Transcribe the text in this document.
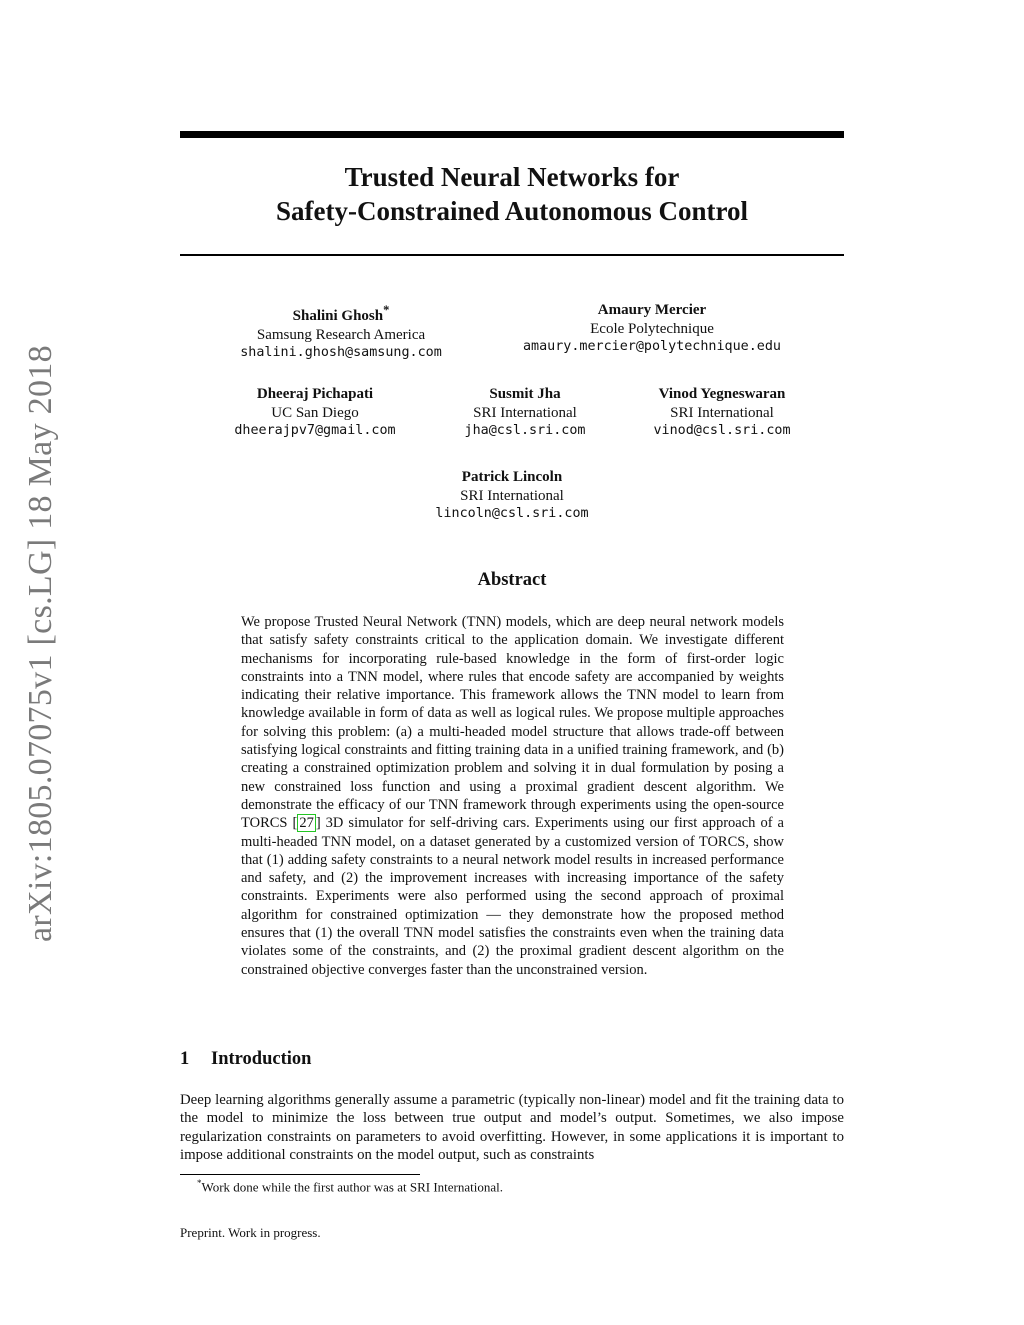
arXiv:1805.07075v1 [cs.LG] 18 May 2018
Trusted Neural Networks for
Safety-Constrained Autonomous Control
Shalini Ghosh*
Samsung Research America
shalini.ghosh@samsung.com
Amaury Mercier
Ecole Polytechnique
amaury.mercier@polytechnique.edu
Dheeraj Pichapati
UC San Diego
dheerajpv7@gmail.com
Susmit Jha
SRI International
jha@csl.sri.com
Vinod Yegneswaran
SRI International
vinod@csl.sri.com
Patrick Lincoln
SRI International
lincoln@csl.sri.com
Abstract

We propose Trusted Neural Network (TNN) models, which are deep neural network models that satisfy safety constraints critical to the application domain. We investigate different mechanisms for incorporating rule-based knowledge in the form of first-order logic constraints into a TNN model, where rules that encode safety are accompanied by weights indicating their relative importance. This framework allows the TNN model to learn from knowledge available in form of data as well as logical rules. We propose multiple approaches for solving this problem: (a) a multi-headed model structure that allows trade-off between satisfying logical constraints and fitting training data in a unified training framework, and (b) creating a constrained optimization problem and solving it in dual formulation by posing a new constrained loss function and using a proximal gradient descent algorithm. We demonstrate the efficacy of our TNN framework through experiments using the open-source TORCS [ 27 ] 3D simulator for self-driving cars. Experiments using our first approach of a multi-headed TNN model, on a dataset generated by a customized version of TORCS, show that (1) adding safety constraints to a neural network model results in increased performance and safety, and (2) the improvement increases with increasing importance of the safety constraints. Experiments were also performed using the second approach of proximal algorithm for constrained optimization — they demonstrate how the proposed method ensures that (1) the overall TNN model satisfies the constraints even when the training data violates some of the constraints, and (2) the proximal gradient descent algorithm on the constrained objective converges faster than the unconstrained version.

1 Introduction

Deep learning algorithms generally assume a parametric (typically non-linear) model and fit the training data to the model to minimize the loss between true output and model’s output. Sometimes, we also impose regularization constraints on parameters to avoid overfitting. However, in some applications it is important to impose additional constraints on the model output, such as constraints

*Work done while the first author was at SRI International.

Preprint. Work in progress.
